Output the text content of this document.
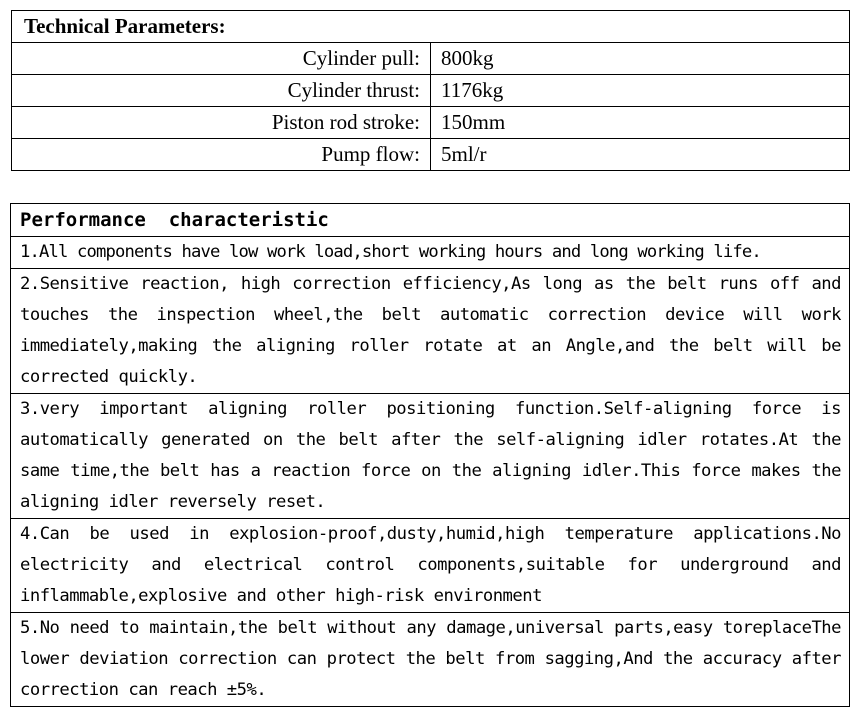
Technical Parameters:	
Cylinder pull:	800kg
Cylinder thrust:	1176kg
Piston rod stroke:	150mm
Pump flow:	5ml/r
Performance  characteristic
1.All components have low work load,short working hours and long working life.
2.Sensitive reaction, high correction efficiency,As long as the belt runs off and touches the inspection wheel,the belt automatic correction device will work immediately,making the aligning roller rotate at an Angle,and the belt will be corrected quickly.
3.very important aligning roller positioning function.Self-aligning force is automatically generated on the belt after the self-aligning idler rotates.At the same time,the belt has a reaction force on the aligning idler.This force makes the aligning idler reversely reset.
4.Can be used in explosion-proof,dusty,humid,high temperature applications.No electricity and electrical control components,suitable for underground and inflammable,explosive and other high-risk environment
5.No need to maintain,the belt without any damage,universal parts,easy toreplaceThe lower deviation correction can protect the belt from sagging,And the accuracy after correction can reach ±5%.
